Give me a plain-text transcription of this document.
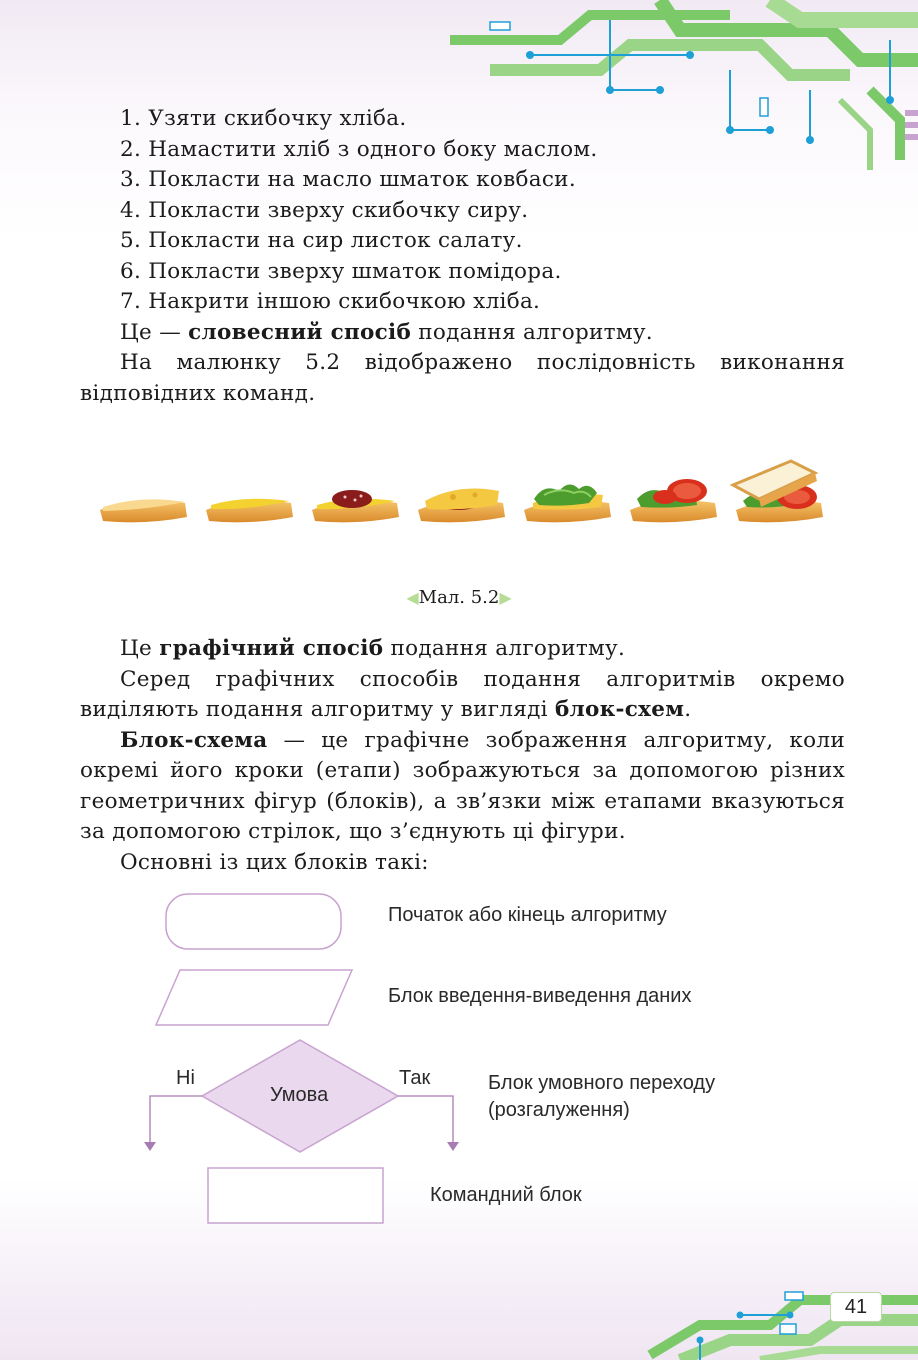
1. Узяти скибочку хліба.

2. Намастити хліб з одного боку маслом.

3. Покласти на масло шматок ковбаси.

4. Покласти зверху скибочку сиру.

5. Покласти на сир листок салату.

6. Покласти зверху шматок помідора.

7. Накрити іншою скибочкою хліба.

Це — словесний спосіб подання алгоритму.

На малюнку 5.2 відображено послідовність виконання відповідних команд.

◀Мал. 5.2▶

Це графічний спосіб подання алгоритму.

Серед графічних способів подання алгоритмів окремо виділяють подання алгоритму у вигляді блок-схем.

Блок-схема — це графічне зображення алгоритму, коли окремі його кроки (етапи) зображуються за допомогою різних геометричних фігур (блоків), а зв’язки між етапами вказуються за допомогою стрілок, що з’єднують ці фігури.

Основні із цих блоків такі:

Початок або кінець алгоритму
Блок введення-виведення даних
Умова
Ні	Так	Блок умовного переходу
(розгалуження)
Командний блок
41
